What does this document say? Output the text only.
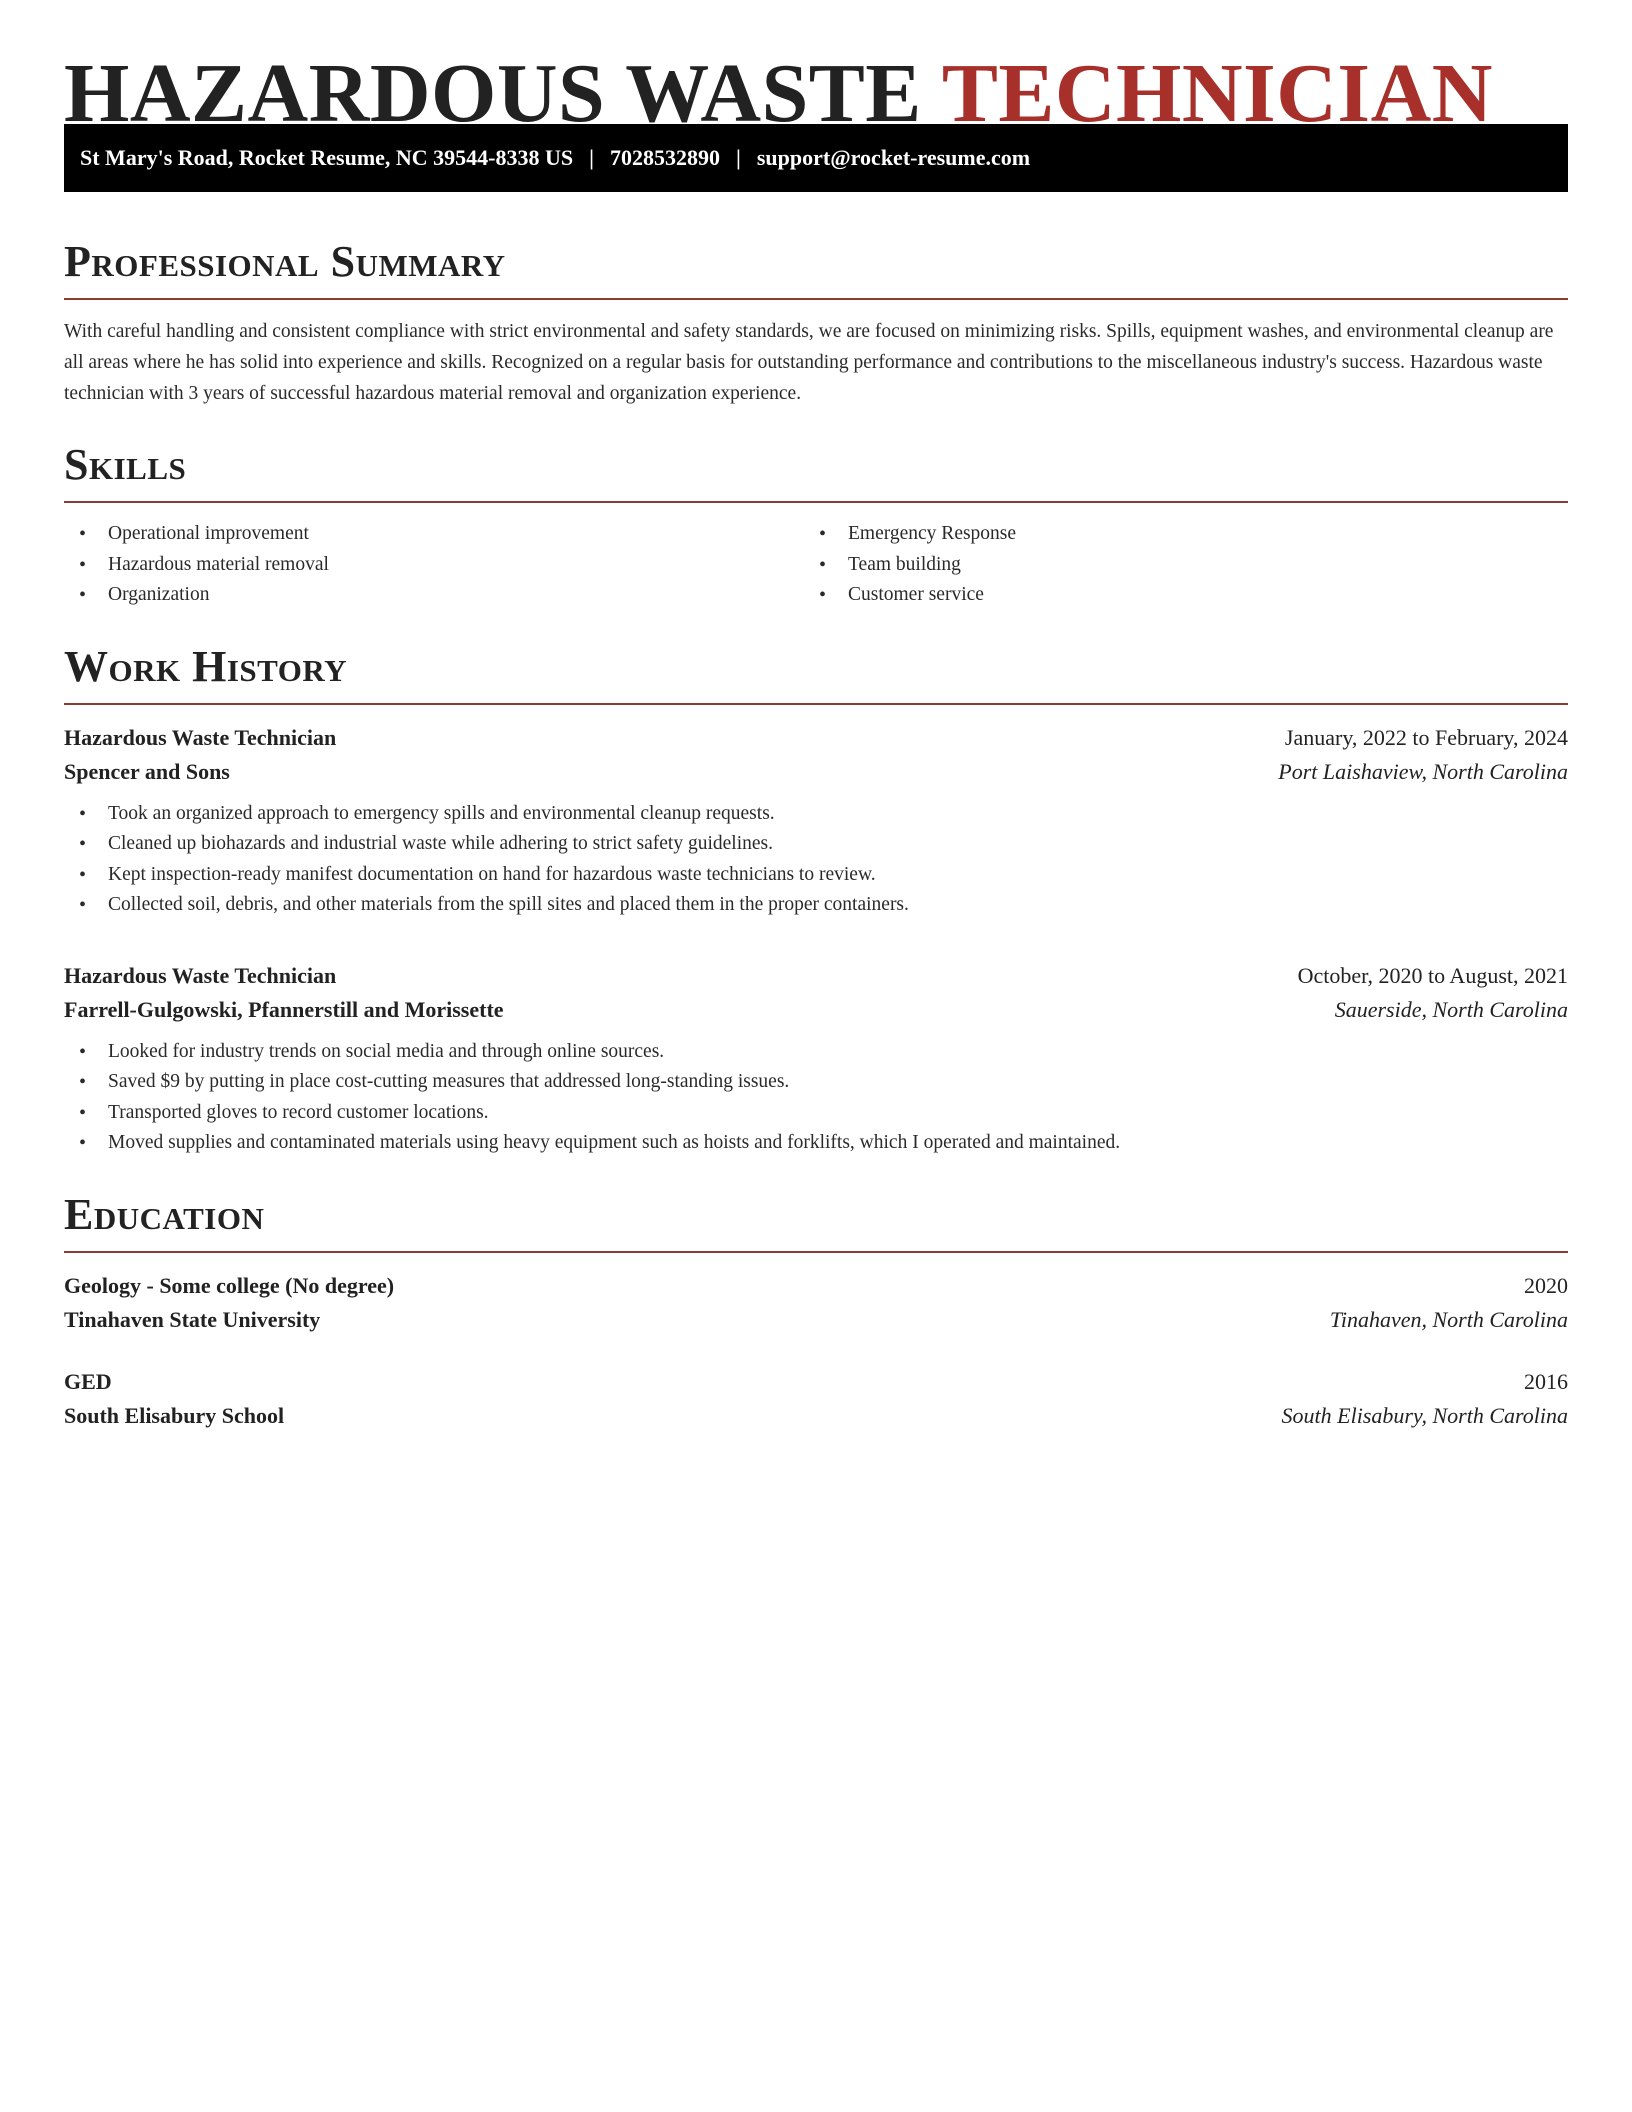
HAZARDOUS WASTE TECHNICIAN
St Mary's Road, Rocket Resume, NC 39544-8338 US | 7028532890 | support@rocket-resume.com
Professional Summary

With careful handling and consistent compliance with strict environmental and safety standards, we are focused on minimizing risks. Spills, equipment washes, and environmental cleanup are all areas where he has solid into experience and skills. Recognized on a regular basis for outstanding performance and contributions to the miscellaneous industry's success. Hazardous waste technician with 3 years of successful hazardous material removal and organization experience.

Skills
• Operational improvement
• Hazardous material removal
• Organization
• Emergency Response
• Team building
• Customer service
Work History
Hazardous Waste Technician	January, 2022 to February, 2024
Spencer and Sons	Port Laishaview, North Carolina
• Took an organized approach to emergency spills and environmental cleanup requests.
• Cleaned up biohazards and industrial waste while adhering to strict safety guidelines.
• Kept inspection-ready manifest documentation on hand for hazardous waste technicians to review.
• Collected soil, debris, and other materials from the spill sites and placed them in the proper containers.
Hazardous Waste Technician	October, 2020 to August, 2021
Farrell-Gulgowski, Pfannerstill and Morissette	Sauerside, North Carolina
• Looked for industry trends on social media and through online sources.
• Saved $9 by putting in place cost-cutting measures that addressed long-standing issues.
• Transported gloves to record customer locations.
• Moved supplies and contaminated materials using heavy equipment such as hoists and forklifts, which I operated and maintained.
Education
Geology - Some college (No degree)	2020
Tinahaven State University	Tinahaven, North Carolina
GED	2016
South Elisabury School	South Elisabury, North Carolina
